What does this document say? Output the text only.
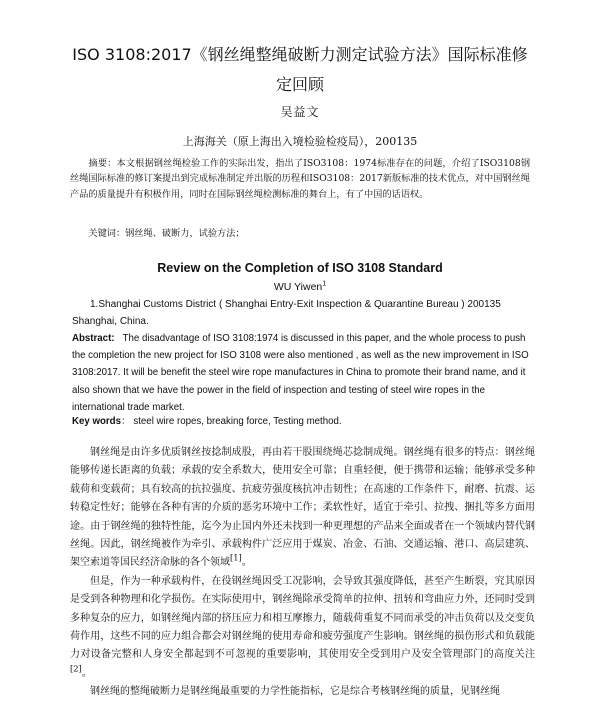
ISO 3108:2017《钢丝绳整绳破断力测定试验方法》国际标准修定回顾
吴益文
上海海关（原上海出入境检验检疫局），200135

摘要：本文根据钢丝绳检验工作的实际出发，指出了ISO3108：1974标准存在的问题，介绍了ISO3108钢丝绳国际标准的修订案提出到完成标准制定并出版的历程和ISO3108：2017新版标准的技术优点，对中国钢丝绳产品的质量提升有积极作用，同时在国际钢丝绳检测标准的舞台上，有了中国的话语权。

关键词：钢丝绳、破断力，试验方法；
Review on the Completion of ISO 3108 Standard
WU Yiwen$^1$
1.Shanghai Customs District ( Shanghai Entry-Exit Inspection & Quarantine Bureau ) 200135 Shanghai, China.

Abstract: The disadvantage of ISO 3108:1974 is discussed in this paper, and the whole process to push the completion the new project for ISO 3108 were also mentioned , as well as the new improvement in ISO 3108:2017. It will be benefit the steel wire rope manufactures in China to promote their brand name, and it also shown that we have the power in the field of inspection and testing of steel wire ropes in the international trade market.

Key words： steel wire ropes, breaking force, Testing method.

钢丝绳是由许多优质钢丝按捻制成股，再由若干股围绕绳芯捻制成绳。钢丝绳有很多的特点：钢丝绳能够传递长距离的负载；承载的安全系数大，使用安全可靠；自重轻便，便于携带和运输；能够承受多种载荷和变载荷；具有较高的抗拉强度、抗疲劳强度核抗冲击韧性；在高速的工作条件下，耐磨、抗震、运转稳定性好；能够在各种有害的介质的恶劣环境中工作；柔软性好，适宜于牵引、拉拽、捆扎等多方面用途。由于钢丝绳的独特性能，迄今为止国内外还未找到一种更理想的产品来全面或者在一个领域内替代钢丝绳。因此，钢丝绳被作为牵引、承载构件广泛应用于煤炭、冶金、石油、交通运输、港口、高层建筑、架空索道等国民经济命脉的各个领域[1]。

但是，作为一种承载构件，在役钢丝绳因受工况影响，会导致其强度降低，甚至产生断裂，究其原因是受到各种物理和化学损伤。在实际使用中，钢丝绳除承受简单的拉伸、扭转和弯曲应力外，还同时受到多种复杂的应力，如钢丝绳内部的挤压应力和相互摩擦力，随载荷重复不同而承受的冲击负荷以及交变负荷作用，这些不同的应力组合都会对钢丝绳的使用寿命和疲劳强度产生影响。钢丝绳的损伤形式和负载能力对设备完整和人身安全都起到不可忽视的重要影响，其使用安全受到用户及安全管理部门的高度关注[2]。

钢丝绳的整绳破断力是钢丝绳最重要的力学性能指标，它是综合考核钢丝绳的质量，见钢丝绳
